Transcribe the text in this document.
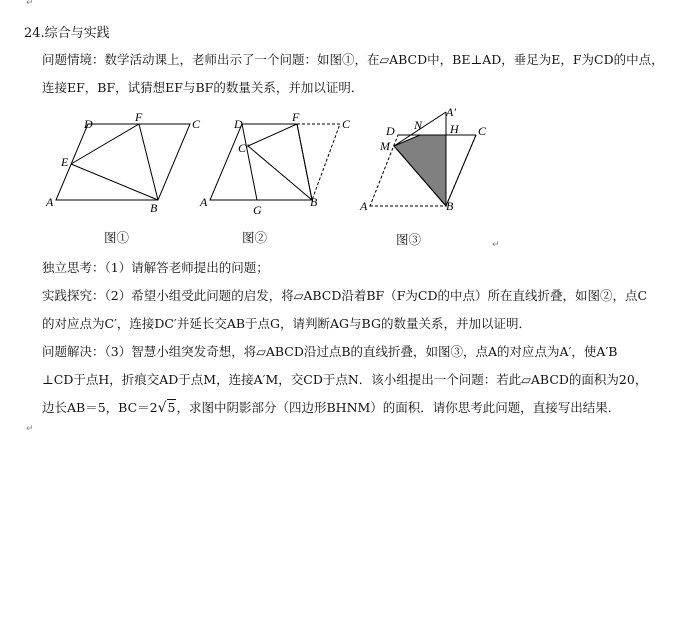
↵
24.综合与实践
问题情境：数学活动课上，老师出示了一个问题：如图①，在▱ABCD中，BE⊥AD，垂足为E，F为CD的中点，
连接EF，BF，试猜想EF与BF的数量关系，并加以证明．
A	B
C
D
E
F
图①
A	B
C
D
C′
F
G
图②
A	B
C
D
A′
H
M
N
图③	↵
独立思考：（1）请解答老师提出的问题；
实践探究：（2）希望小组受此问题的启发，将▱ABCD沿着BF（F为CD的中点）所在直线折叠，如图②，点C
的对应点为C′，连接DC′并延长交AB于点G，请判断AG与BG的数量关系，并加以证明．
问题解决：（3）智慧小组突发奇想，将▱ABCD沿过点B的直线折叠，如图③，点A的对应点为A′，使A′B
⊥CD于点H，折痕交AD于点M，连接A′M，交CD于点N．该小组提出一个问题：若此▱ABCD的面积为20，
边长AB＝5，BC＝2√5，求图中阴影部分（四边形BHNM）的面积．请你思考此问题，直接写出结果．
↵
